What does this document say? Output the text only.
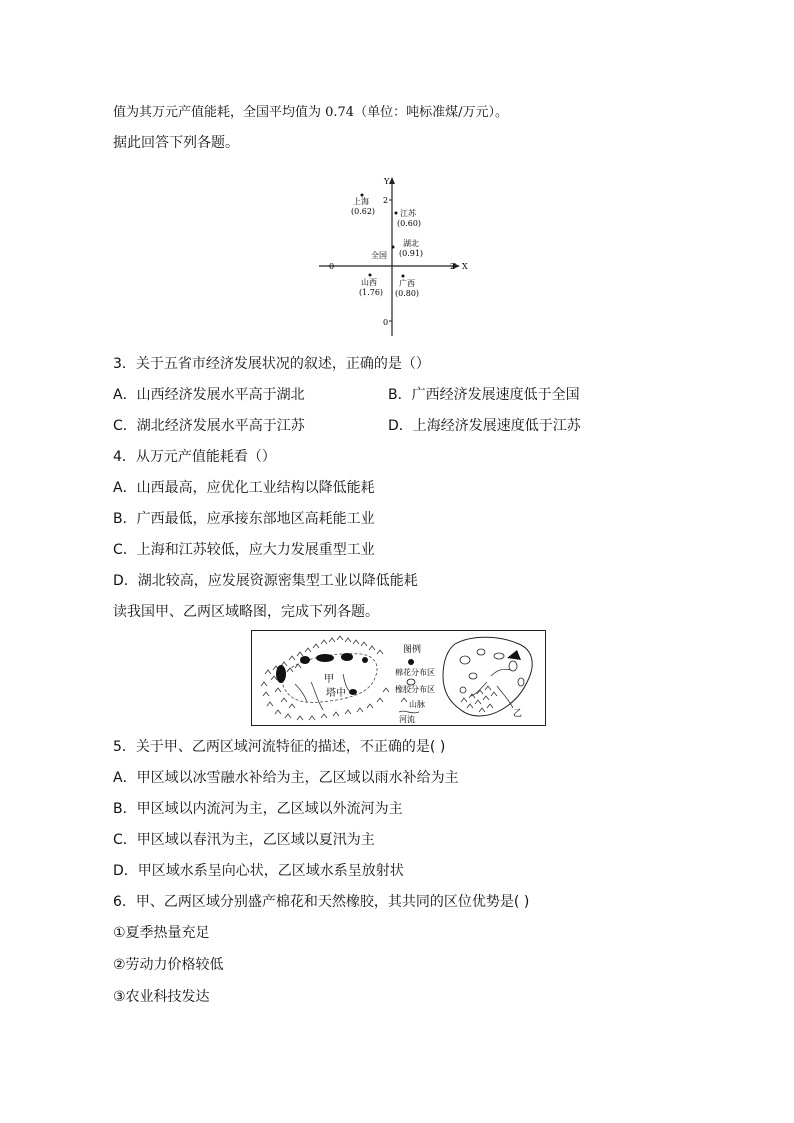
值为其万元产值能耗，全国平均值为 0.74（单位：吨标准煤/万元）。
据此回答下列各题。
Y
X
2
0
0	2
全国
上海
(0.62)	江苏
(0.60)
湖北
(0.91)
山西
(1.76)
广西
(0.80)
3．关于五省市经济发展状况的叙述，正确的是（）
A．山西经济发展水平高于湖北	B．广西经济发展速度低于全国
C．湖北经济发展水平高于江苏	D．上海经济发展速度低于江苏
4．从万元产值能耗看（）
A．山西最高，应优化工业结构以降低能耗
B．广西最低，应承接东部地区高耗能工业
C．上海和江苏较低，应大力发展重型工业
D．湖北较高，应发展资源密集型工业以降低能耗
读我国甲、乙两区域略图，完成下列各题。
甲
塔中
图例
棉花分布区
橡胶分布区
山脉
河流
乙
5．关于甲、乙两区域河流特征的描述，不正确的是( )
A．甲区域以冰雪融水补给为主，乙区域以雨水补给为主
B．甲区域以内流河为主，乙区域以外流河为主
C．甲区域以春汛为主，乙区域以夏汛为主
D．甲区域水系呈向心状，乙区域水系呈放射状
6．甲、乙两区域分别盛产棉花和天然橡胶，其共同的区位优势是( )
①夏季热量充足
②劳动力价格较低
③农业科技发达
